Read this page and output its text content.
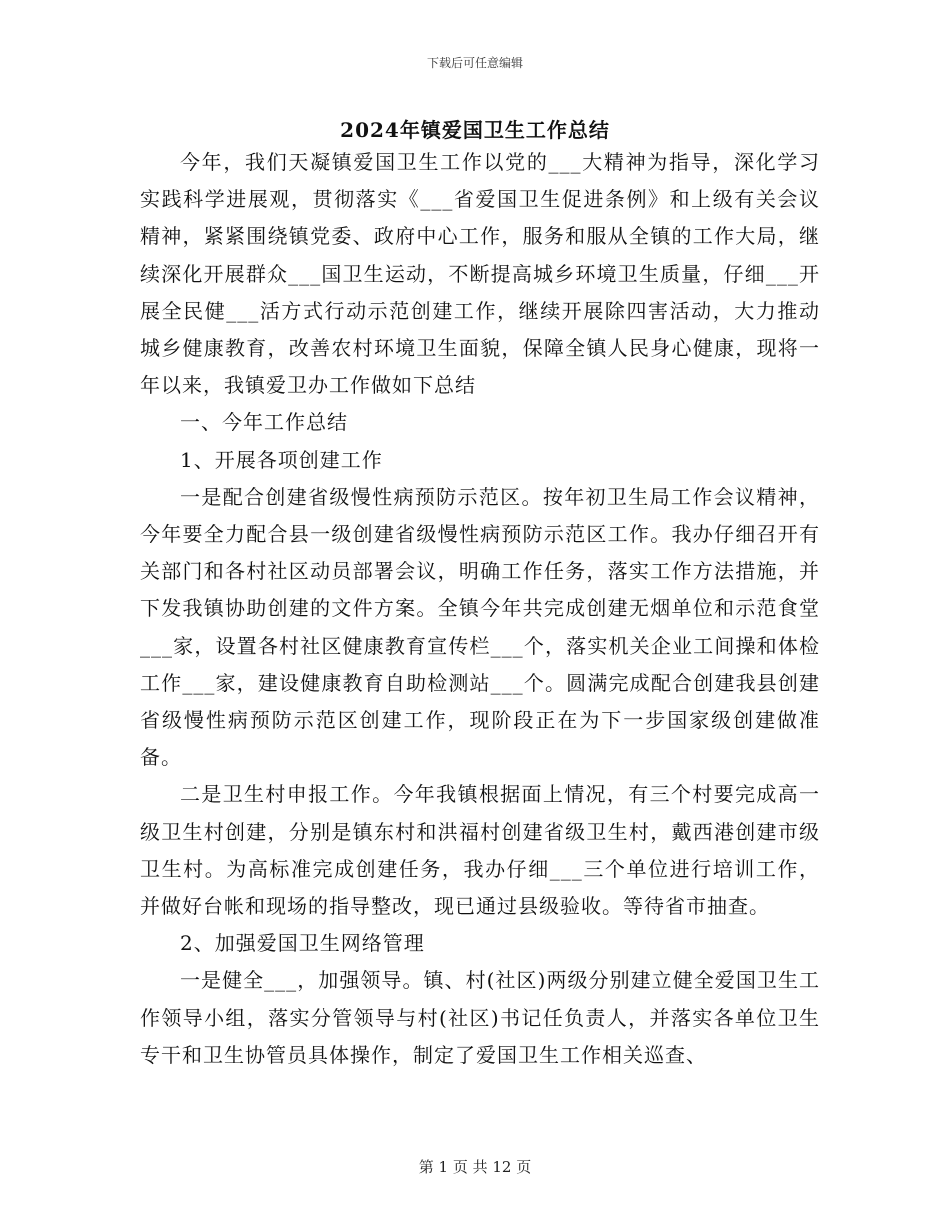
下载后可任意编辑
2024年镇爱国卫生工作总结

今年，我们天凝镇爱国卫生工作以党的___大精神为指导，深化学习实践科学进展观，贯彻落实《___省爱国卫生促进条例》和上级有关会议精神，紧紧围绕镇党委、政府中心工作，服务和服从全镇的工作大局，继续深化开展群众___国卫生运动，不断提高城乡环境卫生质量，仔细___开展全民健___活方式行动示范创建工作，继续开展除四害活动，大力推动城乡健康教育，改善农村环境卫生面貌，保障全镇人民身心健康，现将一年以来，我镇爱卫办工作做如下总结

一、今年工作总结

1、开展各项创建工作

一是配合创建省级慢性病预防示范区。按年初卫生局工作会议精神，今年要全力配合县一级创建省级慢性病预防示范区工作。我办仔细召开有关部门和各村社区动员部署会议，明确工作任务，落实工作方法措施，并下发我镇协助创建的文件方案。全镇今年共完成创建无烟单位和示范食堂___家，设置各村社区健康教育宣传栏___个，落实机关企业工间操和体检工作___家，建设健康教育自助检测站___个。圆满完成配合创建我县创建省级慢性病预防示范区创建工作，现阶段正在为下一步国家级创建做准备。

二是卫生村申报工作。今年我镇根据面上情况，有三个村要完成高一级卫生村创建，分别是镇东村和洪福村创建省级卫生村，戴西港创建市级卫生村。为高标准完成创建任务，我办仔细___三个单位进行培训工作，并做好台帐和现场的指导整改，现已通过县级验收。等待省市抽查。

2、加强爱国卫生网络管理

一是健全___，加强领导。镇、村(社区)两级分别建立健全爱国卫生工作领导小组，落实分管领导与村(社区)书记任负责人，并落实各单位卫生专干和卫生协管员具体操作，制定了爱国卫生工作相关巡查、

第 1 页 共 12 页
